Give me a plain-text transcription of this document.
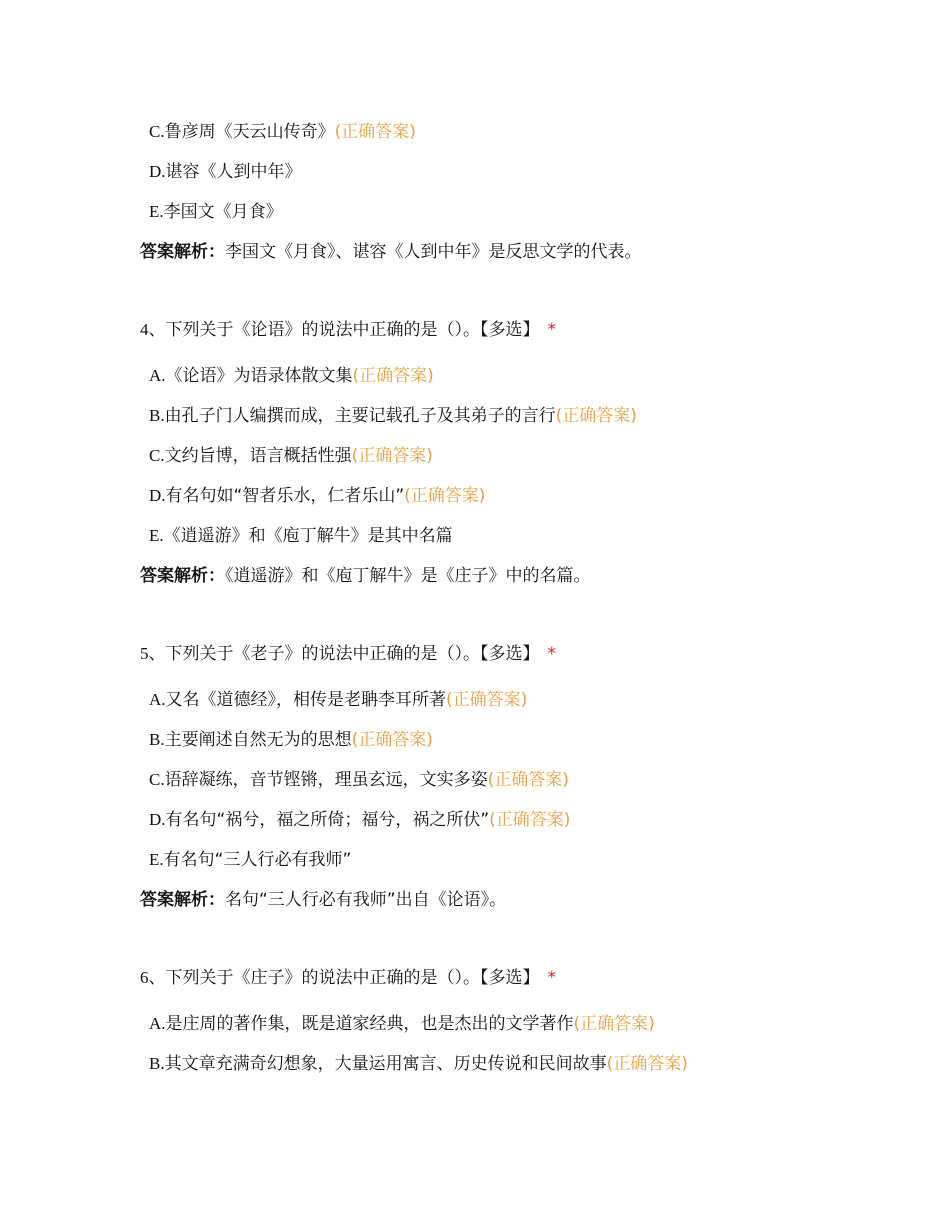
C.鲁彦周《天云山传奇》(正确答案)
D.谌容《人到中年》
E.李国文《月食》
答案解析：李国文《月食》、谌容《人到中年》是反思文学的代表。
4、下列关于《论语》的说法中正确的是（）。【多选】 *
A.《论语》为语录体散文集(正确答案)
B.由孔子门人编撰而成，主要记载孔子及其弟子的言行(正确答案)
C.文约旨博，语言概括性强(正确答案)
D.有名句如“智者乐水，仁者乐山”(正确答案)
E.《逍遥游》和《庖丁解牛》是其中名篇
答案解析：《逍遥游》和《庖丁解牛》是《庄子》中的名篇。
5、下列关于《老子》的说法中正确的是（）。【多选】 *
A.又名《道德经》，相传是老聃李耳所著(正确答案)
B.主要阐述自然无为的思想(正确答案)
C.语辞凝练，音节铿锵，理虽玄远，文实多姿(正确答案)
D.有名句“祸兮，福之所倚；福兮，祸之所伏”(正确答案)
E.有名句“三人行必有我师”
答案解析：名句“三人行必有我师”出自《论语》。
6、下列关于《庄子》的说法中正确的是（）。【多选】 *
A.是庄周的著作集，既是道家经典，也是杰出的文学著作(正确答案)
B.其文章充满奇幻想象，大量运用寓言、历史传说和民间故事(正确答案)
